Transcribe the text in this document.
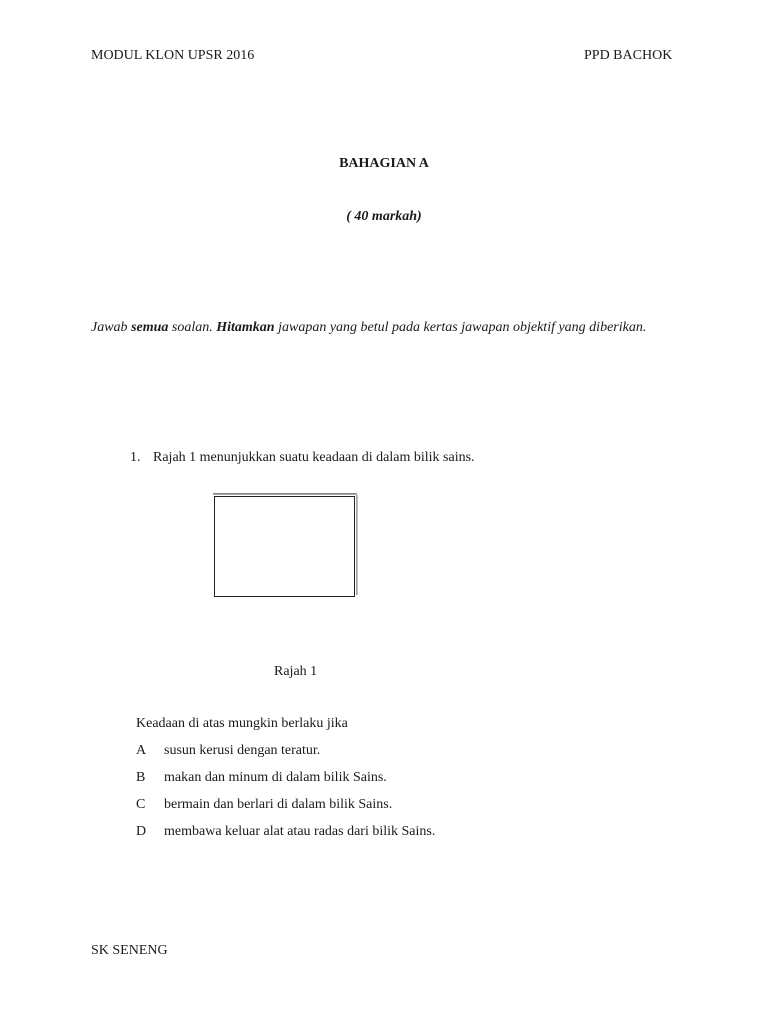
MODUL KLON UPSR 2016	PPD BACHOK
BAHAGIAN A
( 40 markah)
Jawab semua soalan. Hitamkan jawapan yang betul pada kertas jawapan objektif yang diberikan.
1. Rajah 1 menunjukkan suatu keadaan di dalam bilik sains.
Rajah 1
Keadaan di atas mungkin berlaku jika
A susun kerusi dengan teratur.
B makan dan minum di dalam bilik Sains.
C bermain dan berlari di dalam bilik Sains.
D membawa keluar alat atau radas dari bilik Sains.
SK SENENG
